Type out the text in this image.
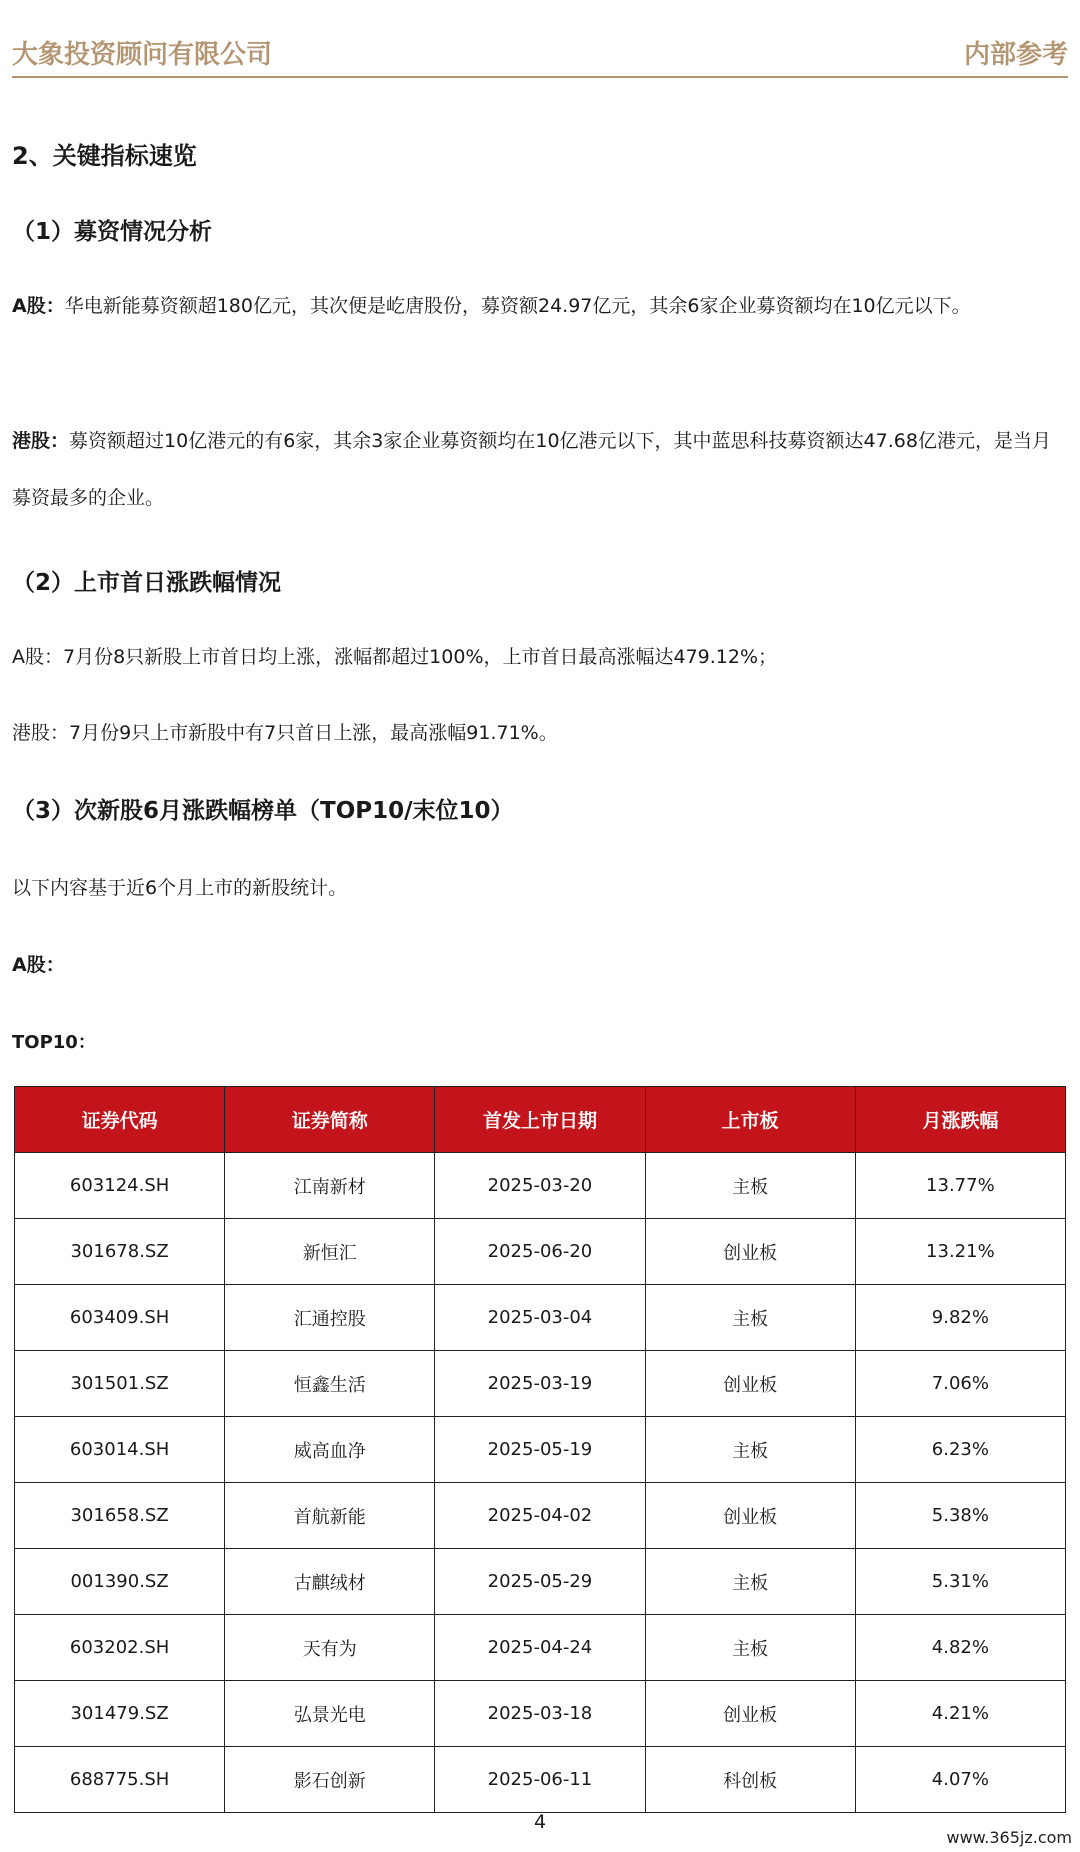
大象投资顾问有限公司	内部参考
2、关键指标速览
（1）募资情况分析
A股：华电新能募资额超180亿元，其次便是屹唐股份，募资额24.97亿元，其余6家企业募资额均在10亿元以下。
港股：募资额超过10亿港元的有6家，其余3家企业募资额均在10亿港元以下，其中蓝思科技募资额达47.68亿港元，是当月募资最多的企业。
（2）上市首日涨跌幅情况
A股：7月份8只新股上市首日均上涨，涨幅都超过100%，上市首日最高涨幅达479.12%；
港股：7月份9只上市新股中有7只首日上涨，最高涨幅91.71%。
（3）次新股6月涨跌幅榜单（TOP10/末位10）
以下内容基于近6个月上市的新股统计。
A股：
TOP10：
证券代码	证券简称	首发上市日期	上市板	月涨跌幅
603124.SH	江南新材	2025-03-20	主板	13.77%
301678.SZ	新恒汇	2025-06-20	创业板	13.21%
603409.SH	汇通控股	2025-03-04	主板	9.82%
301501.SZ	恒鑫生活	2025-03-19	创业板	7.06%
603014.SH	威高血净	2025-05-19	主板	6.23%
301658.SZ	首航新能	2025-04-02	创业板	5.38%
001390.SZ	古麒绒材	2025-05-29	主板	5.31%
603202.SH	天有为	2025-04-24	主板	4.82%
301479.SZ	弘景光电	2025-03-18	创业板	4.21%
688775.SH	影石创新	2025-06-11	科创板	4.07%
4
www.365jz.com
